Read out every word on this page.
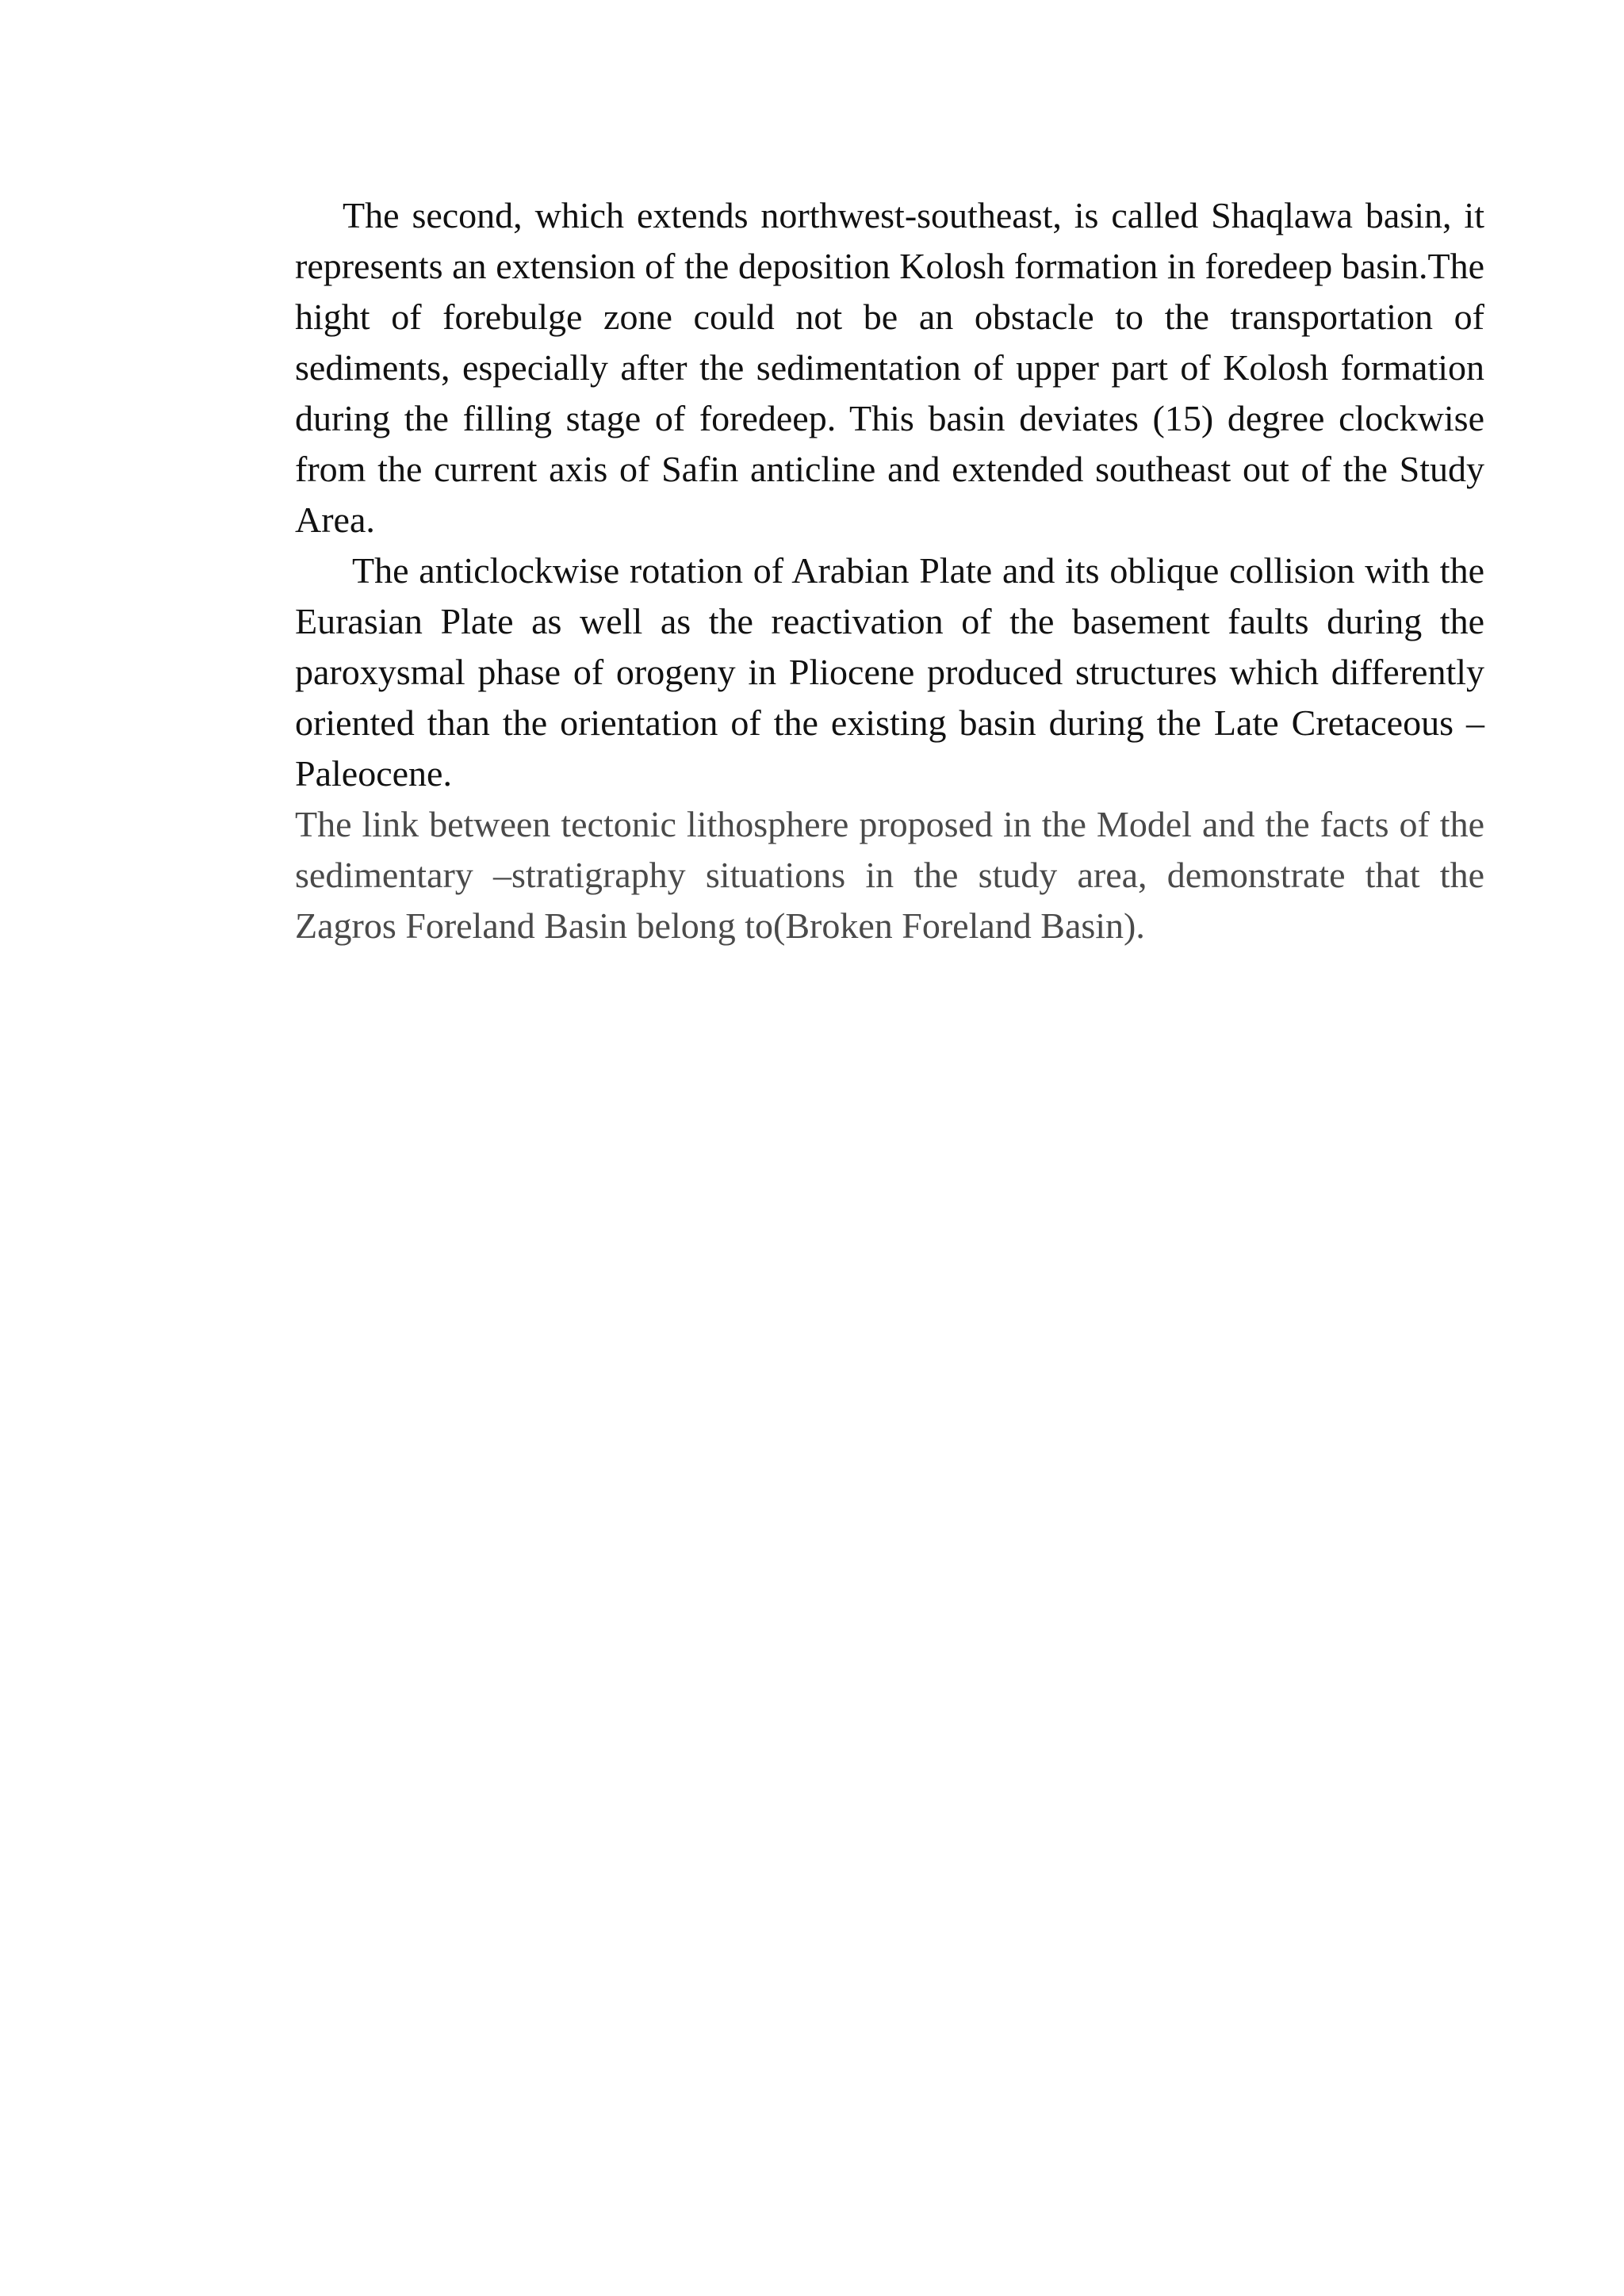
The second, which extends northwest-southeast, is called Shaqlawa basin, it represents an extension of the deposition Kolosh formation in foredeep basin.The hight of forebulge zone could not be an obstacle to the transportation of sediments, especially after the sedimentation of upper part of Kolosh formation during the filling stage of foredeep. This basin deviates (15) degree clockwise from the current axis of Safin anticline and extended southeast out of the Study Area.

The anticlockwise rotation of Arabian Plate and its oblique collision with the Eurasian Plate as well as the reactivation of the basement faults during the paroxysmal phase of orogeny in Pliocene produced structures which differently oriented than the orientation of the existing basin during the Late Cretaceous –Paleocene.

The link between tectonic lithosphere proposed in the Model and the facts of the sedimentary –stratigraphy situations in the study area, demonstrate that the Zagros Foreland Basin belong to(Broken Foreland Basin).
